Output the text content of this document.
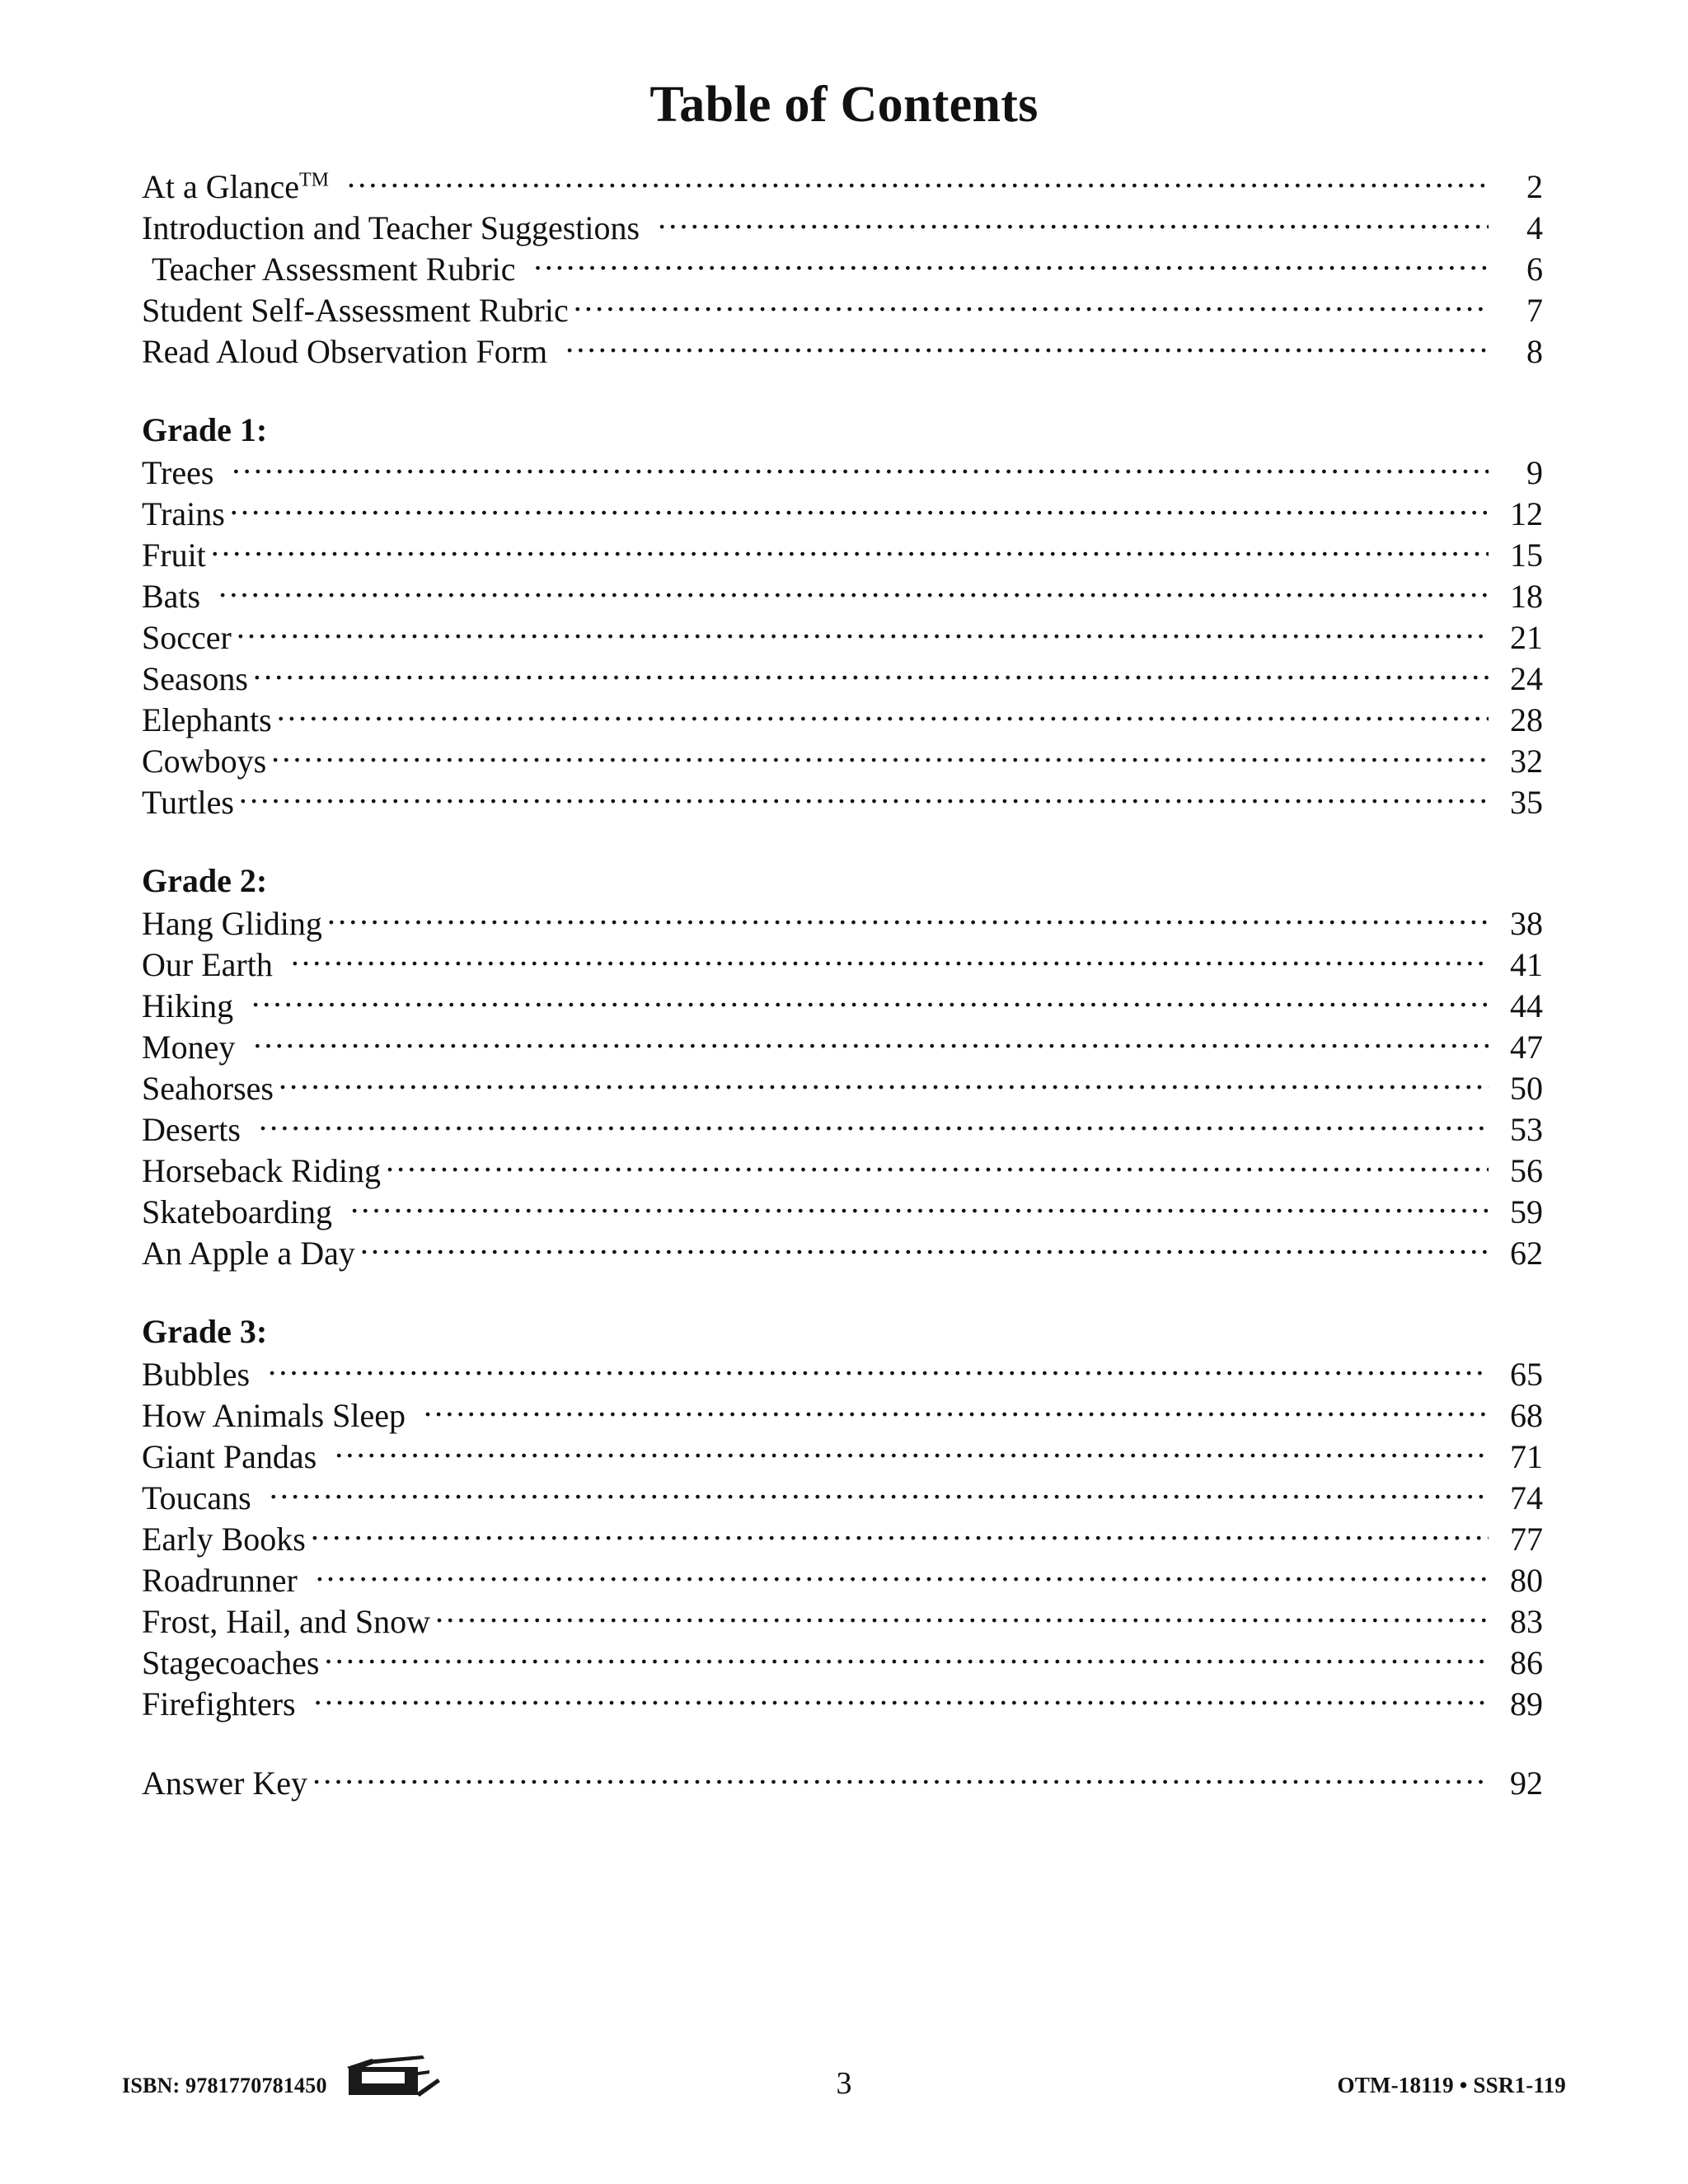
Table of Contents
At a Glance™ .....	2
Introduction and Teacher Suggestions .....	4
Teacher Assessment Rubric .....	6
Student Self-Assessment Rubric .....	7
Read Aloud Observation Form .....	8
Grade 1:
Trees .....	9
Trains .....	12
Fruit .....	15
Bats .....	18
Soccer .....	21
Seasons .....	24
Elephants .....	28
Cowboys .....	32
Turtles .....	35
Grade 2:
Hang Gliding .....	38
Our Earth .....	41
Hiking .....	44
Money .....	47
Seahorses .....	50
Deserts .....	53
Horseback Riding .....	56
Skateboarding .....	59
An Apple a Day .....	62
Grade 3:
Bubbles .....	65
How Animals Sleep .....	68
Giant Pandas .....	71
Toucans .....	74
Early Books .....	77
Roadrunner .....	80
Frost, Hail, and Snow .....	83
Stagecoaches .....	86
Firefighters .....	89
Answer Key .....	92
ISBN: 9781770781450	3	OTM-18119 • SSR1-119
